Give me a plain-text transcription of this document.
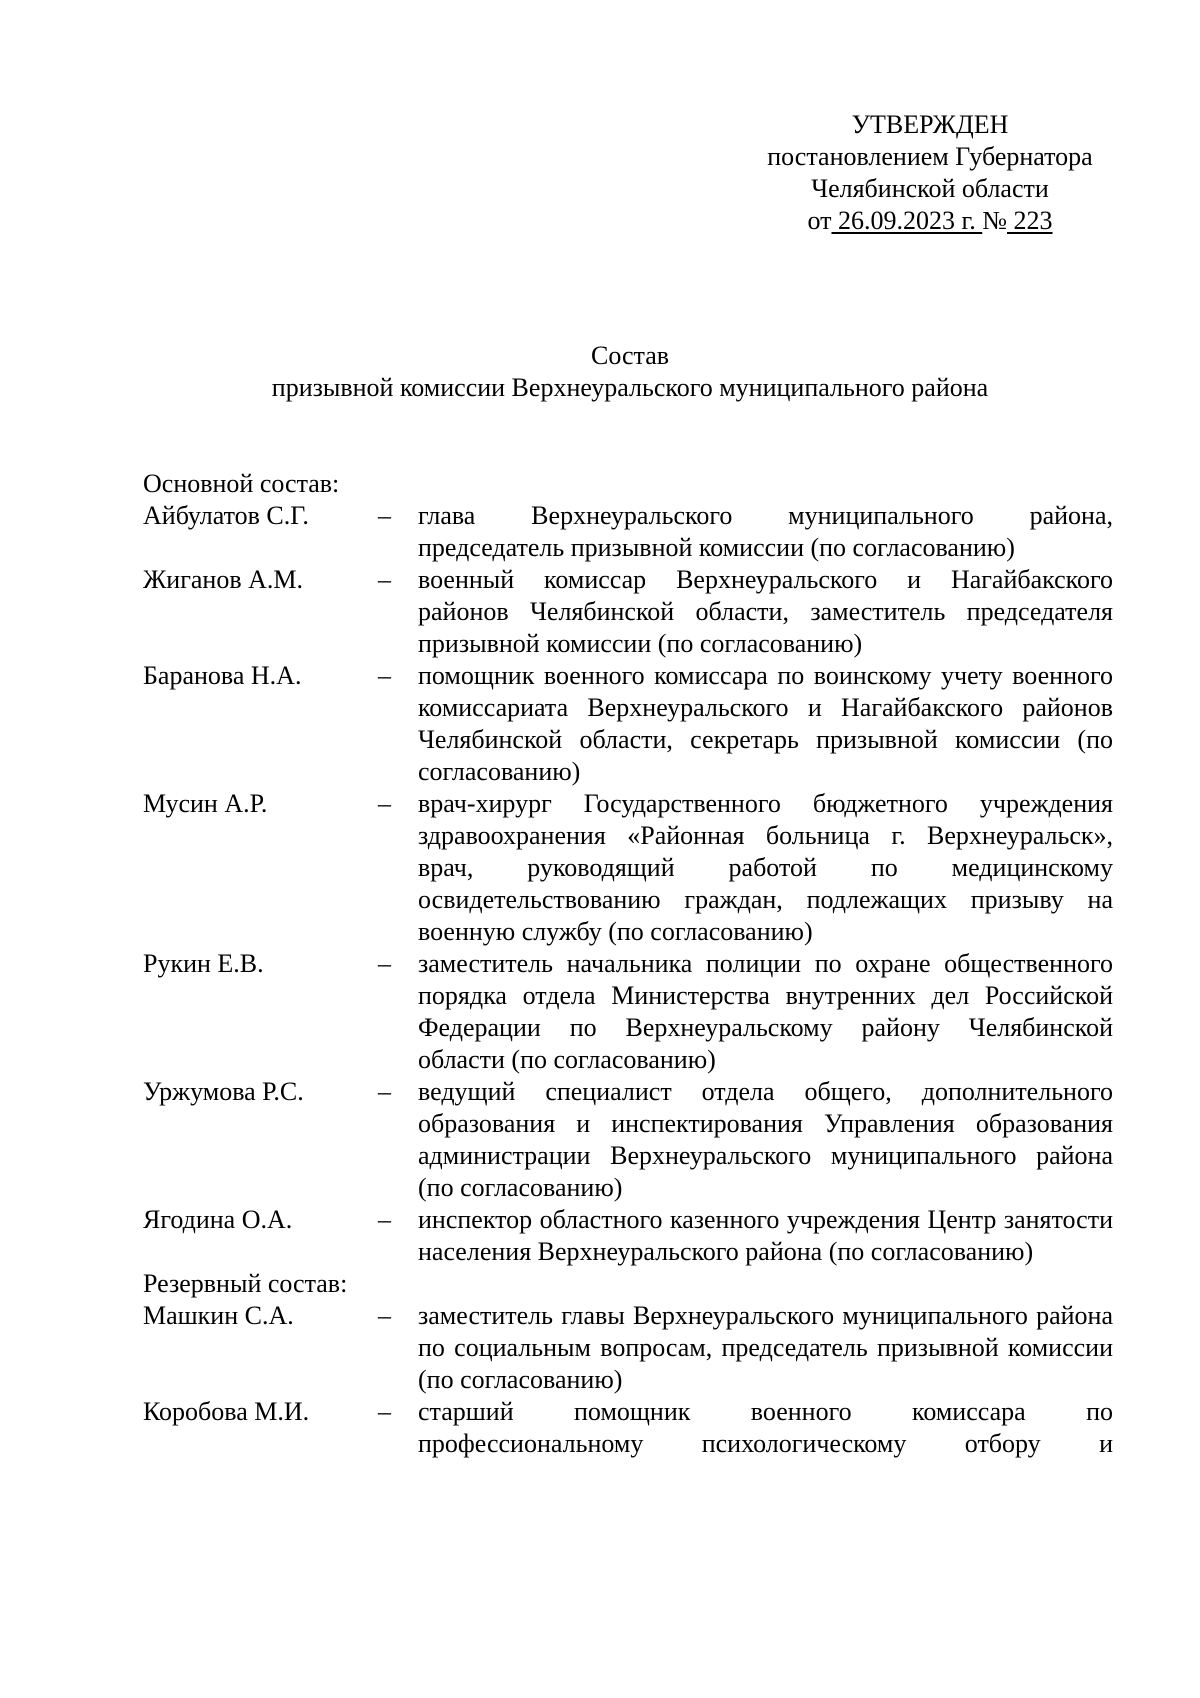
УТВЕРЖДЕН
постановлением Губернатора
Челябинской области
от 26.09.2023 г. № 223
Состав
призывной комиссии Верхнеуральского муниципального района
Основной состав:
Айбулатов С.Г.	–	глава Верхнеуральского муниципального района, председатель призывной комиссии (по согласованию)
Жиганов А.М.	–	военный комиссар Верхнеуральского и Нагайбакского районов Челябинской области, заместитель председателя призывной комиссии (по согласованию)
Баранова Н.А.	–	помощник военного комиссара по воинскому учету военного комиссариата Верхнеуральского и Нагайбакского районов Челябинской области, секретарь призывной комиссии (по согласованию)
Мусин А.Р.	–	врач-хирург Государственного бюджетного учреждения здравоохранения «Районная больница г. Верхнеуральск», врач, руководящий работой по медицинскому освидетельствованию граждан, подлежащих призыву на военную службу (по согласованию)
Рукин Е.В.	–	заместитель начальника полиции по охране общественного порядка отдела Министерства внутренних дел Российской Федерации по Верхнеуральскому району Челябинской области (по согласованию)
Уржумова Р.С.	–	ведущий специалист отдела общего, дополнительного образования и инспектирования Управления образования администрации Верхнеуральского муниципального района (по согласованию)
Ягодина О.А.	–	инспектор областного казенного учреждения Центр занятости населения Верхнеуральского района (по согласованию)
Резервный состав:
Машкин С.А.	–	заместитель главы Верхнеуральского муниципального района по социальным вопросам, председатель призывной комиссии (по согласованию)
Коробова М.И.	–	старший помощник военного комиссара по профессиональному психологическому отбору и
